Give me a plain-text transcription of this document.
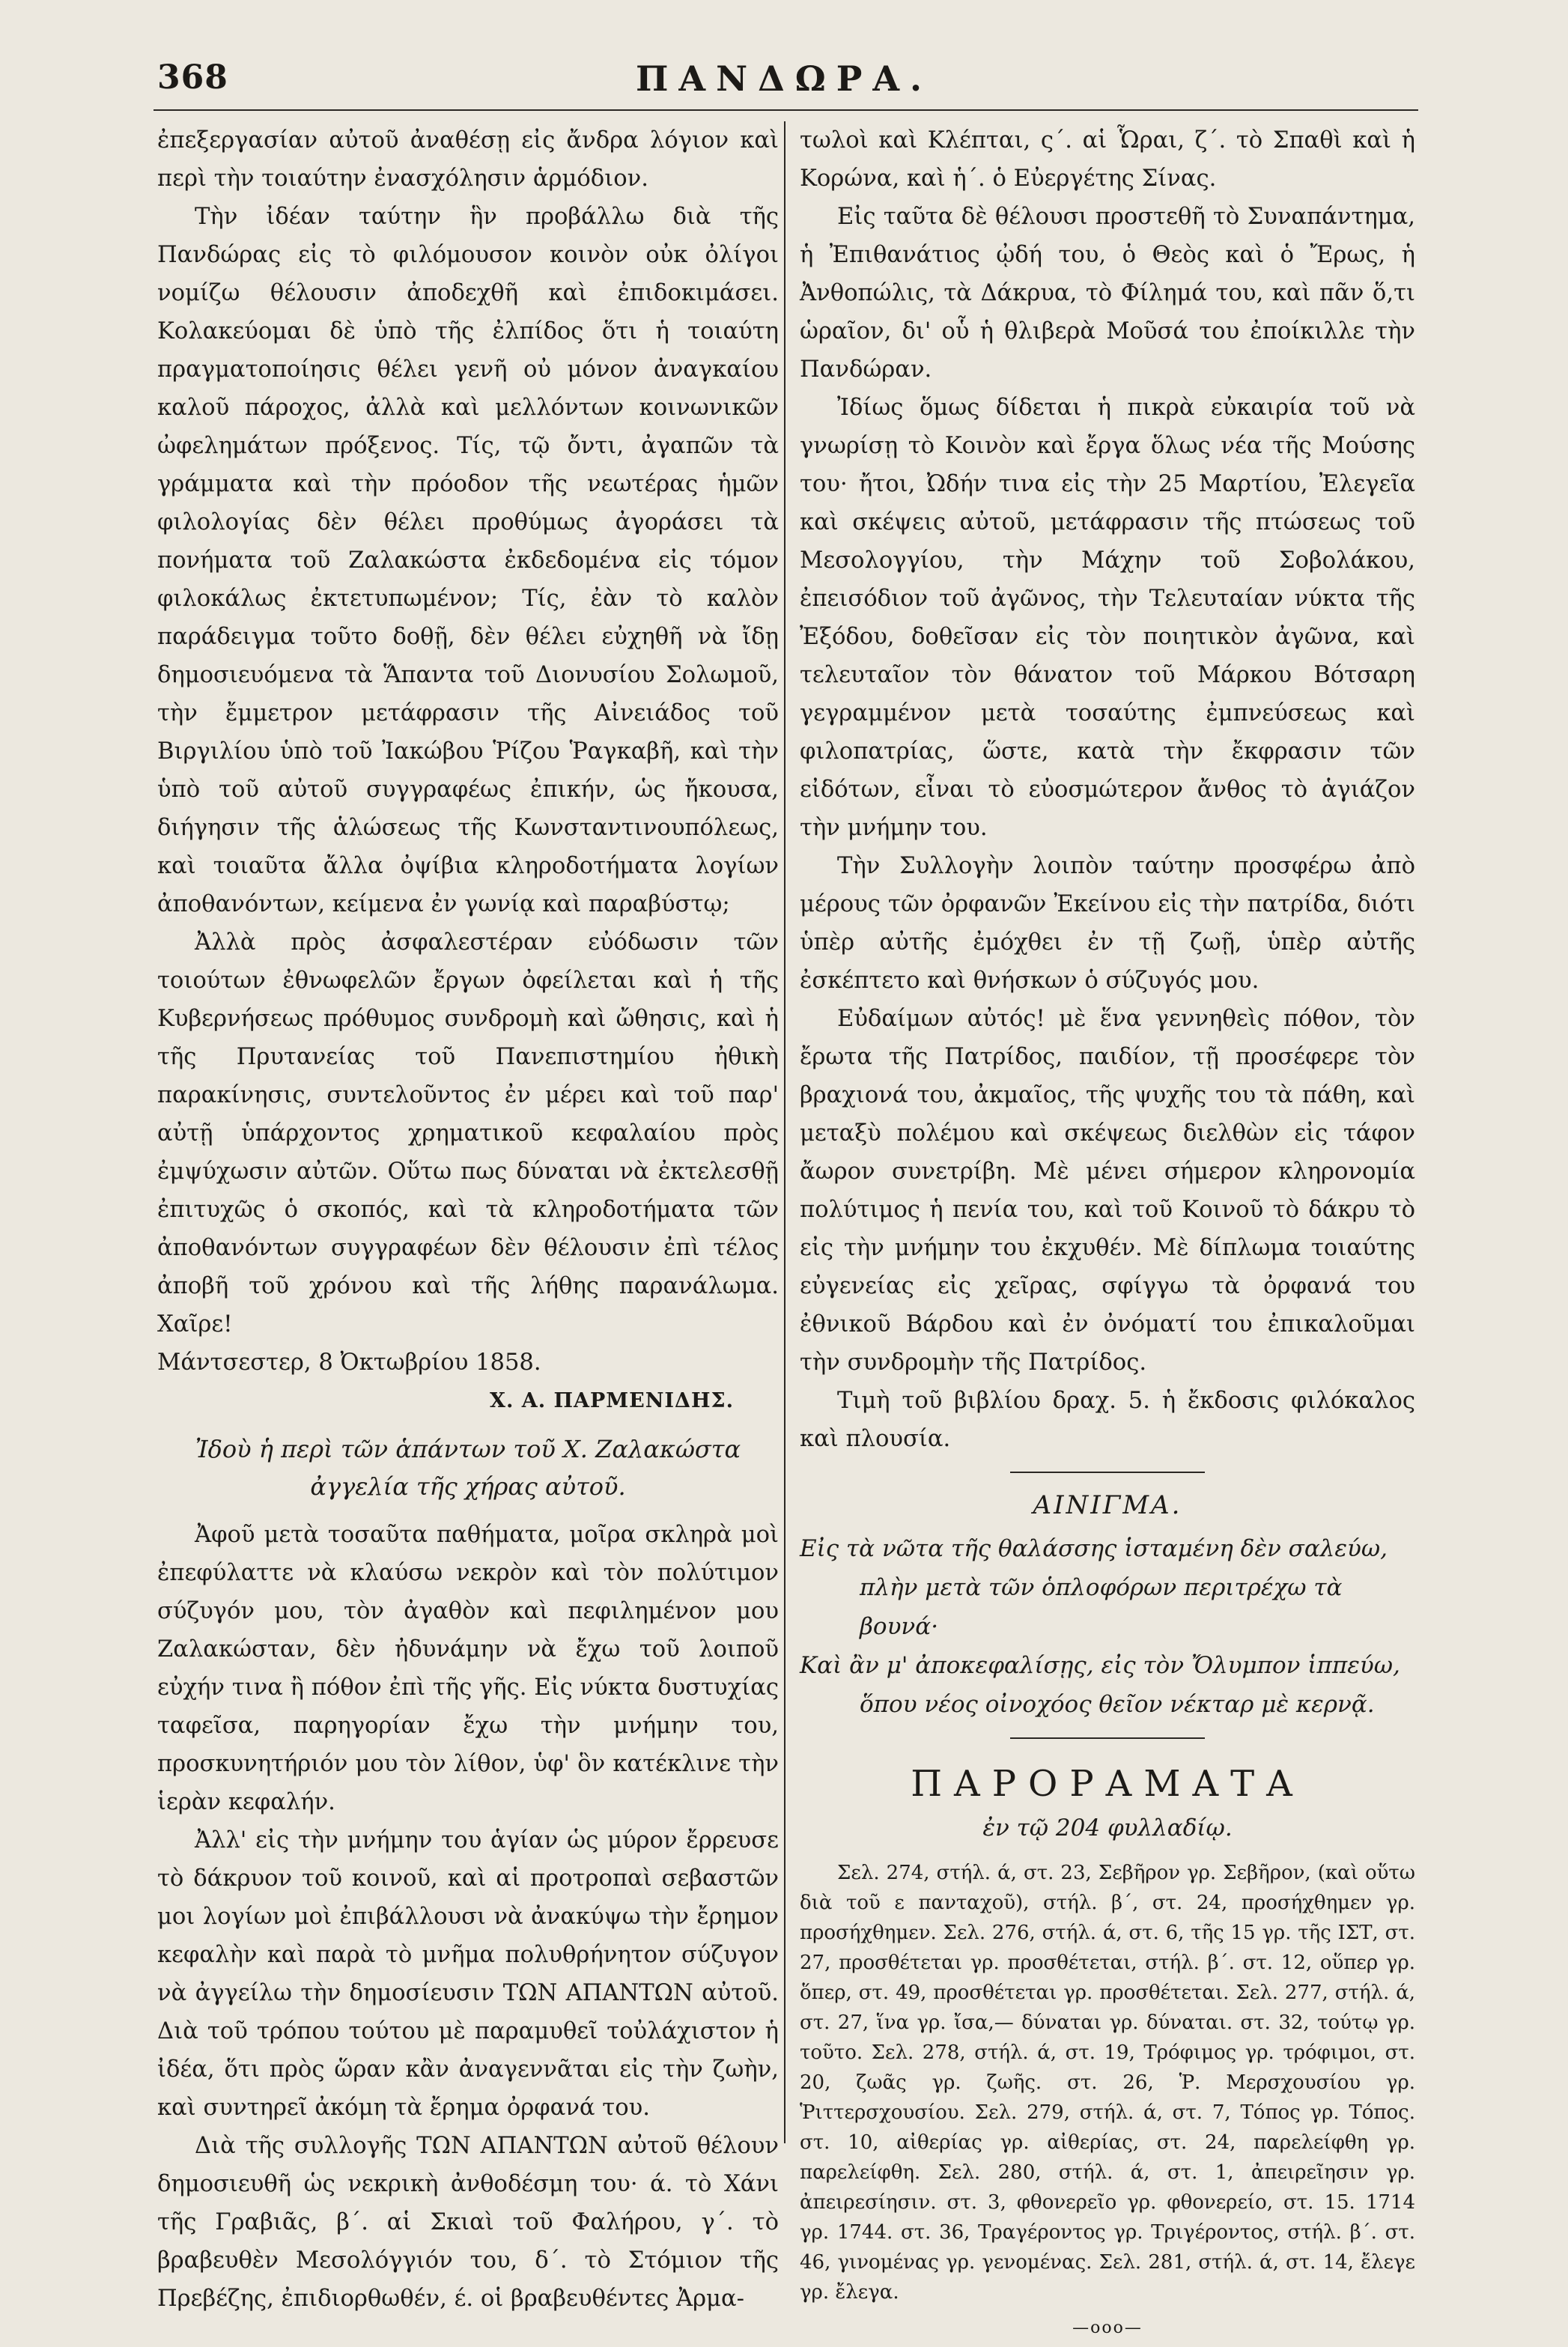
368	ΠΑΝΔΩΡΑ.

ἐπεξεργασίαν αὐτοῦ ἀναθέσῃ εἰς ἄνδρα λόγιον καὶ περὶ τὴν τοιαύτην ἐνασχόλησιν ἁρμόδιον.

Τὴν ἰδέαν ταύτην ἣν προβάλλω διὰ τῆς Πανδώρας εἰς τὸ φιλόμουσον κοινὸν οὐκ ὀλίγοι νομίζω θέλουσιν ἀποδεχθῆ καὶ ἐπιδοκιμάσει. Κολακεύομαι δὲ ὑπὸ τῆς ἐλπίδος ὅτι ἡ τοιαύτη πραγματοποίησις θέλει γενῆ οὐ μόνον ἀναγκαίου καλοῦ πάροχος, ἀλλὰ καὶ μελλόντων κοινωνικῶν ὠφελημάτων πρόξενος. Τίς, τῷ ὄντι, ἀγαπῶν τὰ γράμματα καὶ τὴν πρόοδον τῆς νεωτέρας ἡμῶν φιλολογίας δὲν θέλει προθύμως ἀγοράσει τὰ πονήματα τοῦ Ζαλακώστα ἐκδεδομένα εἰς τόμον φιλοκάλως ἐκτετυπωμένον; Τίς, ἐὰν τὸ καλὸν παράδειγμα τοῦτο δοθῇ, δὲν θέλει εὐχηθῆ νὰ ἴδῃ δημοσιευόμενα τὰ Ἅπαντα τοῦ Διονυσίου Σολωμοῦ, τὴν ἔμμετρον μετάφρασιν τῆς Αἰνειάδος τοῦ Βιργιλίου ὑπὸ τοῦ Ἰακώβου Ῥίζου Ῥαγκαβῆ, καὶ τὴν ὑπὸ τοῦ αὐτοῦ συγγραφέως ἐπικήν, ὡς ἤκουσα, διήγησιν τῆς ἁλώσεως τῆς Κωνσταντινουπόλεως, καὶ τοιαῦτα ἄλλα ὀψίβια κληροδοτήματα λογίων ἀποθανόντων, κείμενα ἐν γωνίᾳ καὶ παραβύστῳ;

Ἀλλὰ πρὸς ἀσφαλεστέραν εὐόδωσιν τῶν τοιούτων ἐθνωφελῶν ἔργων ὀφείλεται καὶ ἡ τῆς Κυβερνήσεως πρόθυμος συνδρομὴ καὶ ὤθησις, καὶ ἡ τῆς Πρυτανείας τοῦ Πανεπιστημίου ἠθικὴ παρακίνησις, συντελοῦντος ἐν μέρει καὶ τοῦ παρ' αὐτῇ ὑπάρχοντος χρηματικοῦ κεφαλαίου πρὸς ἐμψύχωσιν αὐτῶν. Οὕτω πως δύναται νὰ ἐκτελεσθῇ ἐπιτυχῶς ὁ σκοπός, καὶ τὰ κληροδοτήματα τῶν ἀποθανόντων συγγραφέων δὲν θέλουσιν ἐπὶ τέλος ἀποβῆ τοῦ χρόνου καὶ τῆς λήθης παρανάλωμα. Χαῖρε!

Μάντσεστερ, 8 Ὀκτωβρίου 1858.

Χ. Α. ΠΑΡΜΕΝΙΔΗΣ.

Ἰδοὺ ἡ περὶ τῶν ἁπάντων τοῦ Χ. Ζαλακώστα
ἀγγελία τῆς χήρας αὐτοῦ.

Ἀφοῦ μετὰ τοσαῦτα παθήματα, μοῖρα σκληρὰ μοὶ ἐπεφύλαττε νὰ κλαύσω νεκρὸν καὶ τὸν πολύτιμον σύζυγόν μου, τὸν ἀγαθὸν καὶ πεφιλημένον μου Ζαλακώσταν, δὲν ἠδυνάμην νὰ ἔχω τοῦ λοιποῦ εὐχήν τινα ἢ πόθον ἐπὶ τῆς γῆς. Εἰς νύκτα δυστυχίας ταφεῖσα, παρηγορίαν ἔχω τὴν μνήμην του, προσκυνητήριόν μου τὸν λίθον, ὑφ' ὃν κατέκλινε τὴν ἱερὰν κεφαλήν.

Ἀλλ' εἰς τὴν μνήμην του ἁγίαν ὡς μύρον ἔρρευσε τὸ δάκρυον τοῦ κοινοῦ, καὶ αἱ προτροπαὶ σεβαστῶν μοι λογίων μοὶ ἐπιβάλλουσι νὰ ἀνακύψω τὴν ἔρημον κεφαλὴν καὶ παρὰ τὸ μνῆμα πολυθρήνητον σύζυγον νὰ ἀγγείλω τὴν δημοσίευσιν ΤΩΝ ΑΠΑΝΤΩΝ αὐτοῦ. Διὰ τοῦ τρόπου τούτου μὲ παραμυθεῖ τοὐλάχιστον ἡ ἰδέα, ὅτι πρὸς ὥραν κἂν ἀναγεννᾶται εἰς τὴν ζωὴν, καὶ συντηρεῖ ἀκόμη τὰ ἔρημα ὀρφανά του.

Διὰ τῆς συλλογῆς ΤΩΝ ΑΠΑΝΤΩΝ αὐτοῦ θέλουν δημοσιευθῆ ὡς νεκρικὴ ἀνθοδέσμη του· ά. τὸ Χάνι τῆς Γραβιᾶς, β΄. αἱ Σκιαὶ τοῦ Φαλήρου, γ΄. τὸ βραβευθὲν Μεσολόγγιόν του, δ΄. τὸ Στόμιον τῆς Πρεβέζης, ἐπιδιορθωθέν, έ. οἱ βραβευθέντες Ἀρμα-

τωλοὶ καὶ Κλέπται, ς΄. αἱ Ὧραι, ζ΄. τὸ Σπαθὶ καὶ ἡ Κορώνα, καὶ ἡ΄. ὁ Εὐεργέτης Σίνας.

Εἰς ταῦτα δὲ θέλουσι προστεθῆ τὸ Συναπάντημα, ἡ Ἐπιθανάτιος ᾠδή του, ὁ Θεὸς καὶ ὁ Ἔρως, ἡ Ἀνθοπώλις, τὰ Δάκρυα, τὸ Φίλημά του, καὶ πᾶν ὅ,τι ὡραῖον, δι' οὗ ἡ θλιβερὰ Μοῦσά του ἐποίκιλλε τὴν Πανδώραν.

Ἰδίως ὅμως δίδεται ἡ πικρὰ εὐκαιρία τοῦ νὰ γνωρίσῃ τὸ Κοινὸν καὶ ἔργα ὅλως νέα τῆς Μούσης του· ἤτοι, Ὠδήν τινα εἰς τὴν 25 Μαρτίου, Ἐλεγεῖα καὶ σκέψεις αὐτοῦ, μετάφρασιν τῆς πτώσεως τοῦ Μεσολογγίου, τὴν Μάχην τοῦ Σοβολάκου, ἐπεισόδιον τοῦ ἀγῶνος, τὴν Τελευταίαν νύκτα τῆς Ἐξόδου, δοθεῖσαν εἰς τὸν ποιητικὸν ἀγῶνα, καὶ τελευταῖον τὸν θάνατον τοῦ Μάρκου Βότσαρη γεγραμμένον μετὰ τοσαύτης ἐμπνεύσεως καὶ φιλοπατρίας, ὥστε, κατὰ τὴν ἔκφρασιν τῶν εἰδότων, εἶναι τὸ εὐοσμώτερον ἄνθος τὸ ἁγιάζον τὴν μνήμην του.

Τὴν Συλλογὴν λοιπὸν ταύτην προσφέρω ἀπὸ μέρους τῶν ὀρφανῶν Ἐκείνου εἰς τὴν πατρίδα, διότι ὑπὲρ αὐτῆς ἐμόχθει ἐν τῇ ζωῇ, ὑπὲρ αὐτῆς ἐσκέπτετο καὶ θνήσκων ὁ σύζυγός μου.

Εὐδαίμων αὐτός! μὲ ἕνα γεννηθεὶς πόθον, τὸν ἔρωτα τῆς Πατρίδος, παιδίον, τῇ προσέφερε τὸν βραχιονά του, ἀκμαῖος, τῆς ψυχῆς του τὰ πάθη, καὶ μεταξὺ πολέμου καὶ σκέψεως διελθὼν εἰς τάφον ἄωρον συνετρίβη. Μὲ μένει σήμερον κληρονομία πολύτιμος ἡ πενία του, καὶ τοῦ Κοινοῦ τὸ δάκρυ τὸ εἰς τὴν μνήμην του ἐκχυθέν. Μὲ δίπλωμα τοιαύτης εὐγενείας εἰς χεῖρας, σφίγγω τὰ ὀρφανά του ἐθνικοῦ Βάρδου καὶ ἐν ὀνόματί του ἐπικαλοῦμαι τὴν συνδρομὴν τῆς Πατρίδος.

Τιμὴ τοῦ βιβλίου δραχ. 5. ἡ ἔκδοσις φιλόκαλος καὶ πλουσία.

ΑΙΝΙΓΜΑ.

Εἰς τὰ νῶτα τῆς θαλάσσης ἱσταμένη δὲν σαλεύω,
πλὴν μετὰ τῶν ὁπλοφόρων περιτρέχω τὰ βουνά·
Καὶ ἂν μ' ἀποκεφαλίσῃς, εἰς τὸν Ὄλυμπον ἱππεύω,
ὅπου νέος οἰνοχόος θεῖον νέκταρ μὲ κερνᾷ.

ΠΑΡΟΡΑΜΑΤΑ

ἐν τῷ 204 φυλλαδίῳ.

Σελ. 274, στήλ. ά, στ. 23, Σεβῆρον γρ. Σεβῆρον, (καὶ οὕτω διὰ τοῦ ε πανταχοῦ), στήλ. β΄, στ. 24, προσήχθημεν γρ. προσήχθημεν. Σελ. 276, στήλ. ά, στ. 6, τῆς 15 γρ. τῆς ΙΣΤ, στ. 27, προσθέτεται γρ. προσθέτεται, στήλ. β΄. στ. 12, οὕπερ γρ. ὅπερ, στ. 49, προσθέτεται γρ. προσθέτεται. Σελ. 277, στήλ. ά, στ. 27, ἵνα γρ. ἴσα,— δύναται γρ. δύναται. στ. 32, τούτῳ γρ. τοῦτο. Σελ. 278, στήλ. ά, στ. 19, Τρόφιμος γρ. τρόφιμοι, στ. 20, ζωᾶς γρ. ζωῆς. στ. 26, Ῥ. Μερσχουσίου γρ. Ῥιττερσχουσίου. Σελ. 279, στήλ. ά, στ. 7, Τόπος γρ. Τόπος. στ. 10, αἰθερίας γρ. αἰθερίας, στ. 24, παρελείφθη γρ. παρελείφθη. Σελ. 280, στήλ. ά, στ. 1, ἀπειρεῖησιν γρ. ἀπειρεσίησιν. στ. 3, φθονερεῖο γρ. φθονερείο, στ. 15. 1714 γρ. 1744. στ. 36, Τραγέροντος γρ. Τριγέροντος, στήλ. β΄. στ. 46, γινομένας γρ. γενομένας. Σελ. 281, στήλ. ά, στ. 14, ἔλεγε γρ. ἔλεγα.

—οοο—
